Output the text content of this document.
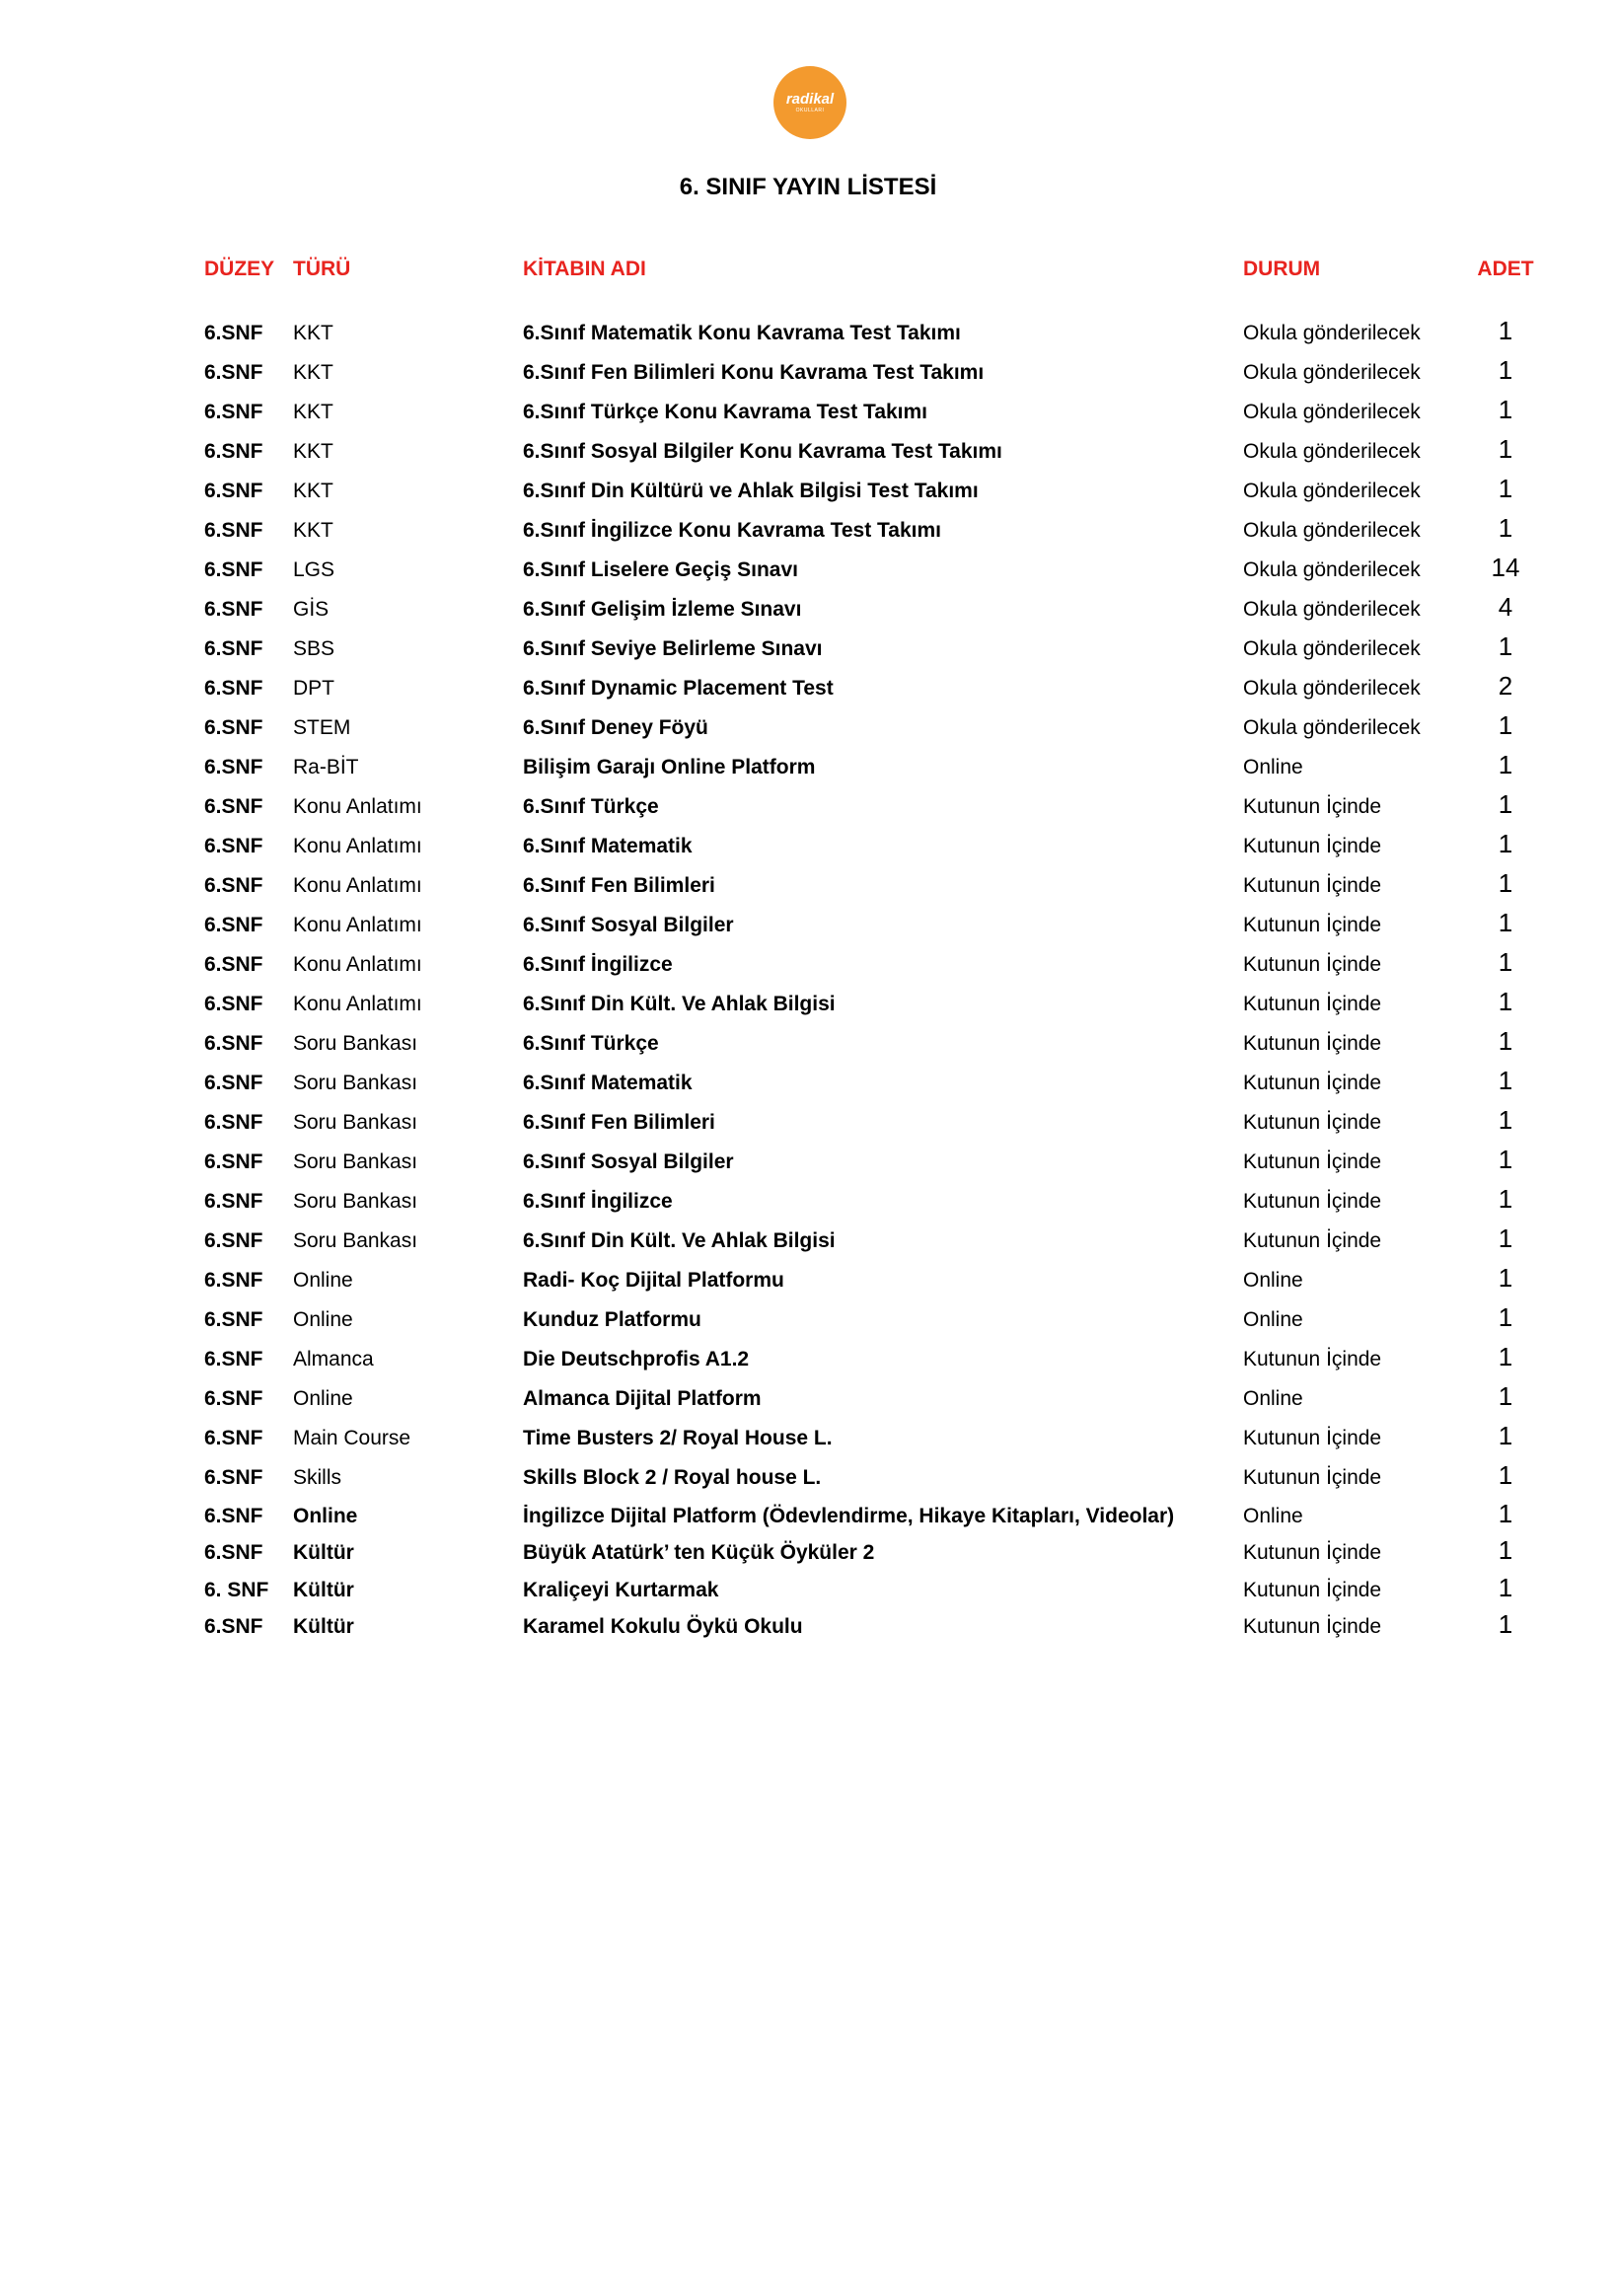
radikal
OKULLARI
6. SINIF YAYIN LİSTESİ
DÜZEY TÜRÜ	KİTABIN ADI	DURUM	ADET
6.SNF	KKT	6.Sınıf Matematik Konu Kavrama Test Takımı	Okula gönderilecek	1
6.SNF	KKT	6.Sınıf Fen Bilimleri Konu Kavrama Test Takımı	Okula gönderilecek	1
6.SNF	KKT	6.Sınıf Türkçe Konu Kavrama Test Takımı	Okula gönderilecek	1
6.SNF	KKT	6.Sınıf Sosyal Bilgiler Konu Kavrama Test Takımı	Okula gönderilecek	1
6.SNF	KKT	6.Sınıf Din Kültürü ve Ahlak Bilgisi Test Takımı	Okula gönderilecek	1
6.SNF	KKT	6.Sınıf İngilizce Konu Kavrama Test Takımı	Okula gönderilecek	1
6.SNF	LGS	6.Sınıf Liselere Geçiş Sınavı	Okula gönderilecek	14
6.SNF	GİS	6.Sınıf Gelişim İzleme Sınavı	Okula gönderilecek	4
6.SNF	SBS	6.Sınıf Seviye Belirleme Sınavı	Okula gönderilecek	1
6.SNF	DPT	6.Sınıf Dynamic Placement Test	Okula gönderilecek	2
6.SNF	STEM	6.Sınıf Deney Föyü	Okula gönderilecek	1
6.SNF	Ra-BİT	Bilişim Garajı Online Platform	Online	1
6.SNF	Konu Anlatımı	6.Sınıf Türkçe	Kutunun İçinde	1
6.SNF	Konu Anlatımı	6.Sınıf Matematik	Kutunun İçinde	1
6.SNF	Konu Anlatımı	6.Sınıf Fen Bilimleri	Kutunun İçinde	1
6.SNF	Konu Anlatımı	6.Sınıf Sosyal Bilgiler	Kutunun İçinde	1
6.SNF	Konu Anlatımı	6.Sınıf İngilizce	Kutunun İçinde	1
6.SNF	Konu Anlatımı	6.Sınıf Din Kült. Ve Ahlak Bilgisi	Kutunun İçinde	1
6.SNF	Soru Bankası	6.Sınıf Türkçe	Kutunun İçinde	1
6.SNF	Soru Bankası	6.Sınıf Matematik	Kutunun İçinde	1
6.SNF	Soru Bankası	6.Sınıf Fen Bilimleri	Kutunun İçinde	1
6.SNF	Soru Bankası	6.Sınıf Sosyal Bilgiler	Kutunun İçinde	1
6.SNF	Soru Bankası	6.Sınıf İngilizce	Kutunun İçinde	1
6.SNF	Soru Bankası	6.Sınıf Din Kült. Ve Ahlak Bilgisi	Kutunun İçinde	1
6.SNF	Online	Radi- Koç Dijital Platformu	Online	1
6.SNF	Online	Kunduz Platformu	Online	1
6.SNF	Almanca	Die Deutschprofis A1.2	Kutunun İçinde	1
6.SNF	Online	Almanca Dijital Platform	Online	1
6.SNF	Main Course	Time Busters 2/ Royal House L.	Kutunun İçinde	1
6.SNF	Skills	Skills Block 2 / Royal house L.	Kutunun İçinde	1
6.SNF	Online	İngilizce Dijital Platform (Ödevlendirme, Hikaye Kitapları, Videolar)	Online	1
6.SNF	Kültür	Büyük Atatürk’ ten Küçük Öyküler 2	Kutunun İçinde	1
6. SNF	Kültür	Kraliçeyi Kurtarmak	Kutunun İçinde	1
6.SNF	Kültür	Karamel Kokulu Öykü Okulu	Kutunun İçinde	1
